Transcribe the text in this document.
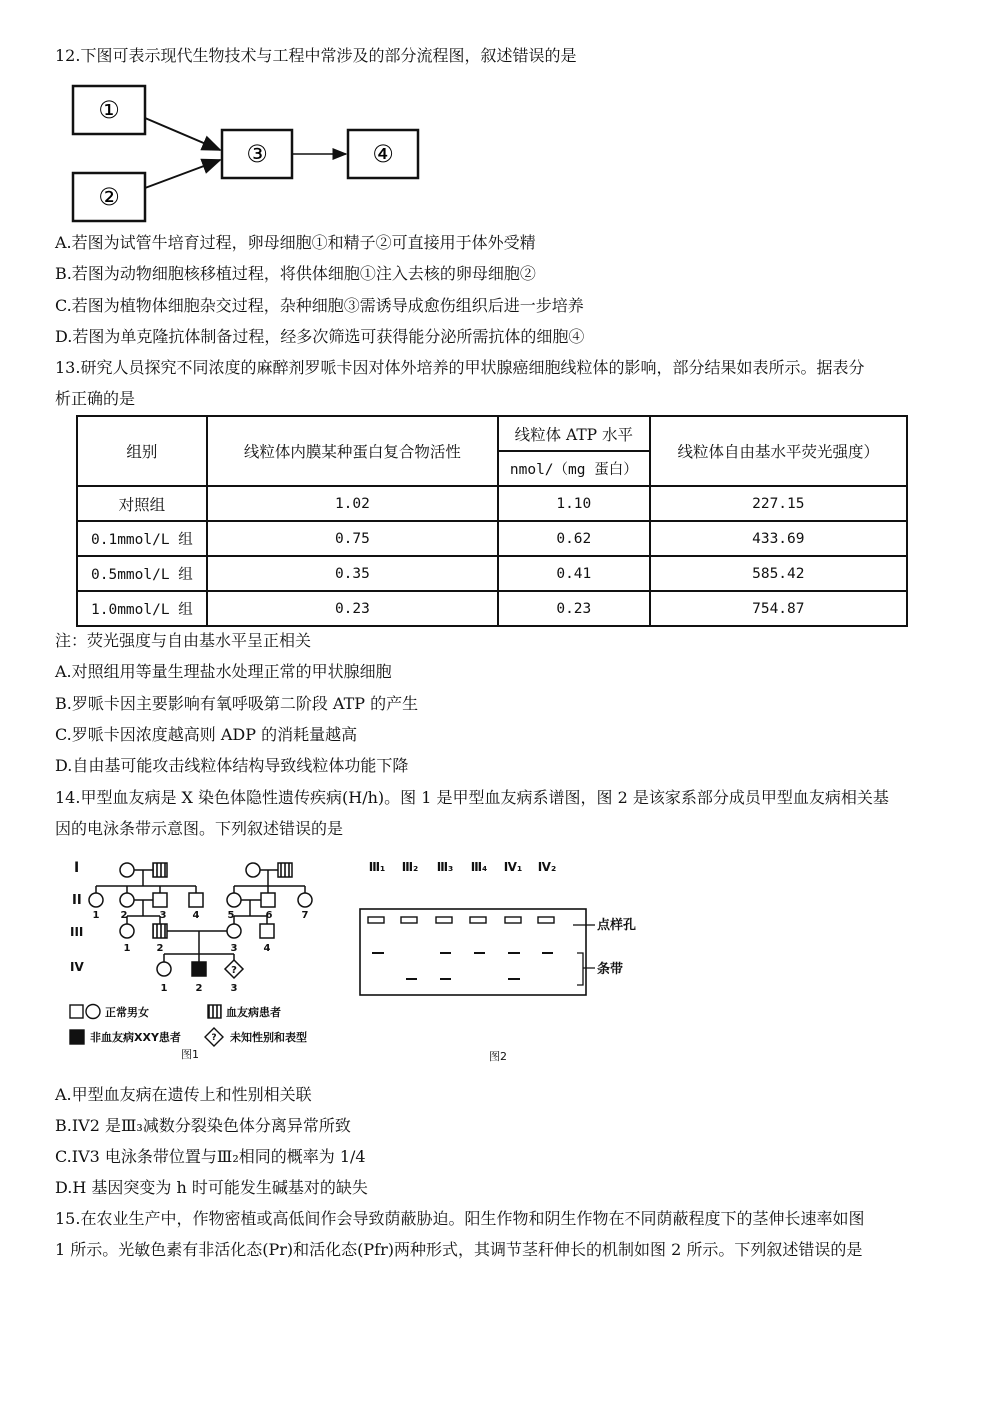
12.下图可表示现代生物技术与工程中常涉及的部分流程图，叙述错误的是
①
②
③	④
A.若图为试管牛培育过程，卵母细胞①和精子②可直接用于体外受精
B.若图为动物细胞核移植过程，将供体细胞①注入去核的卵母细胞②
C.若图为植物体细胞杂交过程，杂种细胞③需诱导成愈伤组织后进一步培养
D.若图为单克隆抗体制备过程，经多次筛选可获得能分泌所需抗体的细胞④
13.研究人员探究不同浓度的麻醉剂罗哌卡因对体外培养的甲状腺癌细胞线粒体的影响，部分结果如表所示。据表分
析正确的是
组别	线粒体内膜某种蛋白复合物活性	线粒体 ATP 水平	线粒体自由基水平荧光强度）
		nmol/（mg 蛋白）	
对照组	1.02	1.10	227.15
0.1mmol/L 组	0.75	0.62	433.69
0.5mmol/L 组	0.35	0.41	585.42
1.0mmol/L 组	0.23	0.23	754.87
注：荧光强度与自由基水平呈正相关
A.对照组用等量生理盐水处理正常的甲状腺细胞
B.罗哌卡因主要影响有氧呼吸第二阶段 ATP 的产生
C.罗哌卡因浓度越高则 ADP 的消耗量越高
D.自由基可能攻击线粒体结构导致线粒体功能下降
14.甲型血友病是 X 染色体隐性遗传疾病(H/h)。图 1 是甲型血友病系谱图，图 2 是该家系部分成员甲型血友病相关基
因的电泳条带示意图。下列叙述错误的是
I
II
III
IV	?
1 2	3	4	5	6	7
1	2	3	4
1	2	3
?
正常男女	血友病患者
非血友病XXY患者	未知性别和表型
图1
Ⅲ₁ Ⅲ₂ Ⅲ₃ Ⅲ₄ Ⅳ₁ Ⅳ₂
点样孔
条带
图2
A.甲型血友病在遗传上和性别相关联
B.IV2 是Ⅲ₃减数分裂染色体分离异常所致
C.IV3 电泳条带位置与Ⅲ₂相同的概率为 1/4
D.H 基因突变为 h 时可能发生碱基对的缺失
15.在农业生产中，作物密植或高低间作会导致荫蔽胁迫。阳生作物和阴生作物在不同荫蔽程度下的茎伸长速率如图
1 所示。光敏色素有非活化态(Pr)和活化态(Pfr)两种形式，其调节茎秆伸长的机制如图 2 所示。下列叙述错误的是
